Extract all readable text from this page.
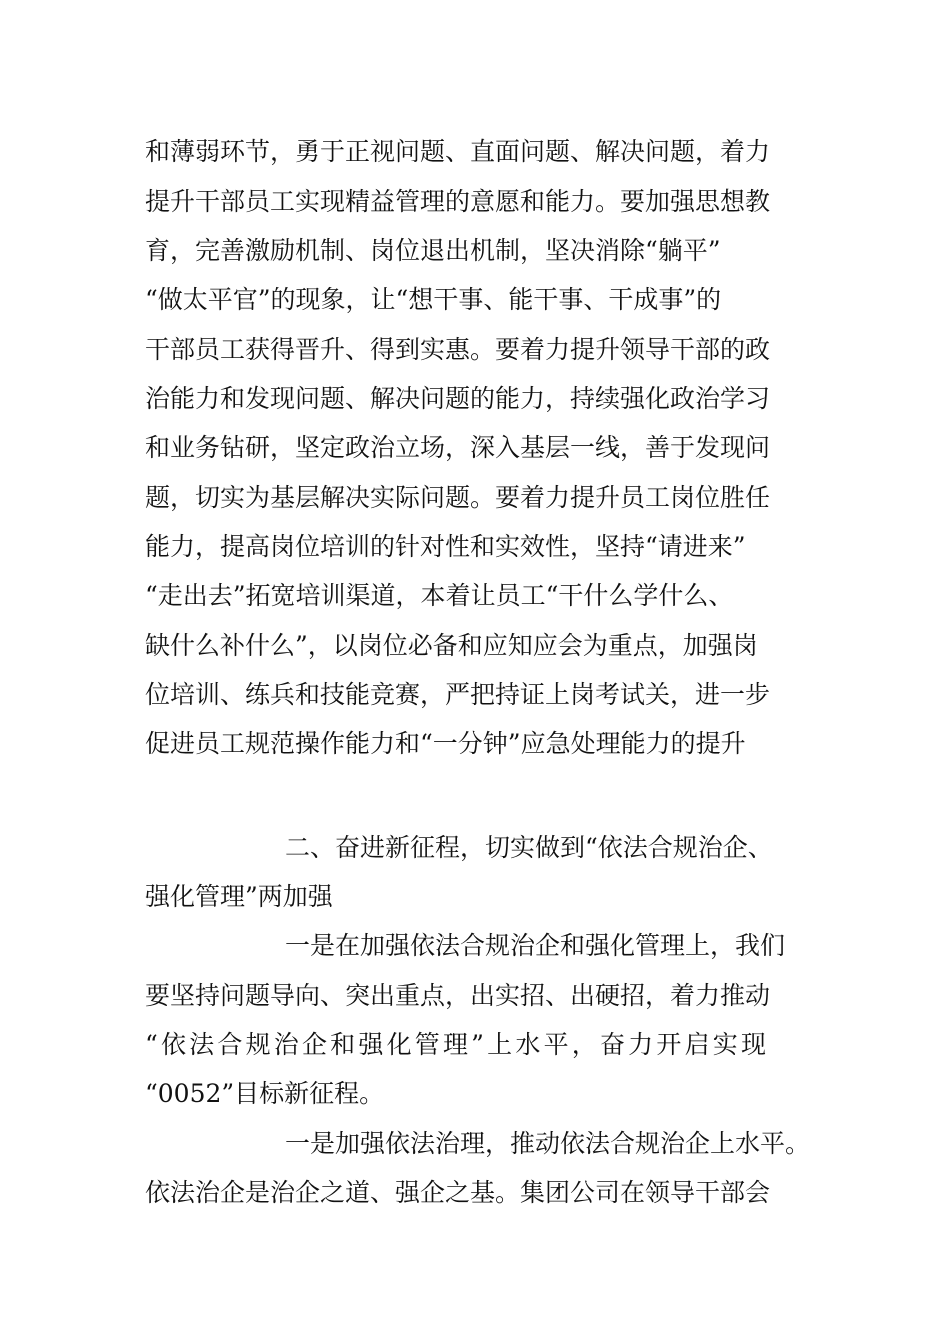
和薄弱环节，勇于正视问题、直面问题、解决问题，着力
提升干部员工实现精益管理的意愿和能力。要加强思想教
育，完善激励机制、岗位退出机制，坚决消除“躺平”
“做太平官”的现象，让“想干事、能干事、干成事”的
干部员工获得晋升、得到实惠。要着力提升领导干部的政
治能力和发现问题、解决问题的能力，持续强化政治学习
和业务钻研，坚定政治立场，深入基层一线，善于发现问
题，切实为基层解决实际问题。要着力提升员工岗位胜任
能力，提高岗位培训的针对性和实效性，坚持“请进来”
“走出去”拓宽培训渠道，本着让员工“干什么学什么、
缺什么补什么”，以岗位必备和应知应会为重点，加强岗
位培训、练兵和技能竞赛，严把持证上岗考试关，进一步
促进员工规范操作能力和“一分钟”应急处理能力的提升
二、奋进新征程，切实做到“依法合规治企、
强化管理”两加强
一是在加强依法合规治企和强化管理上，我们
要坚持问题导向、突出重点，出实招、出硬招，着力推动
“依法合规治企和强化管理”上水平，奋力开启实现
“0052”目标新征程。
一是加强依法治理，推动依法合规治企上水平。
依法治企是治企之道、强企之基。集团公司在领导干部会
